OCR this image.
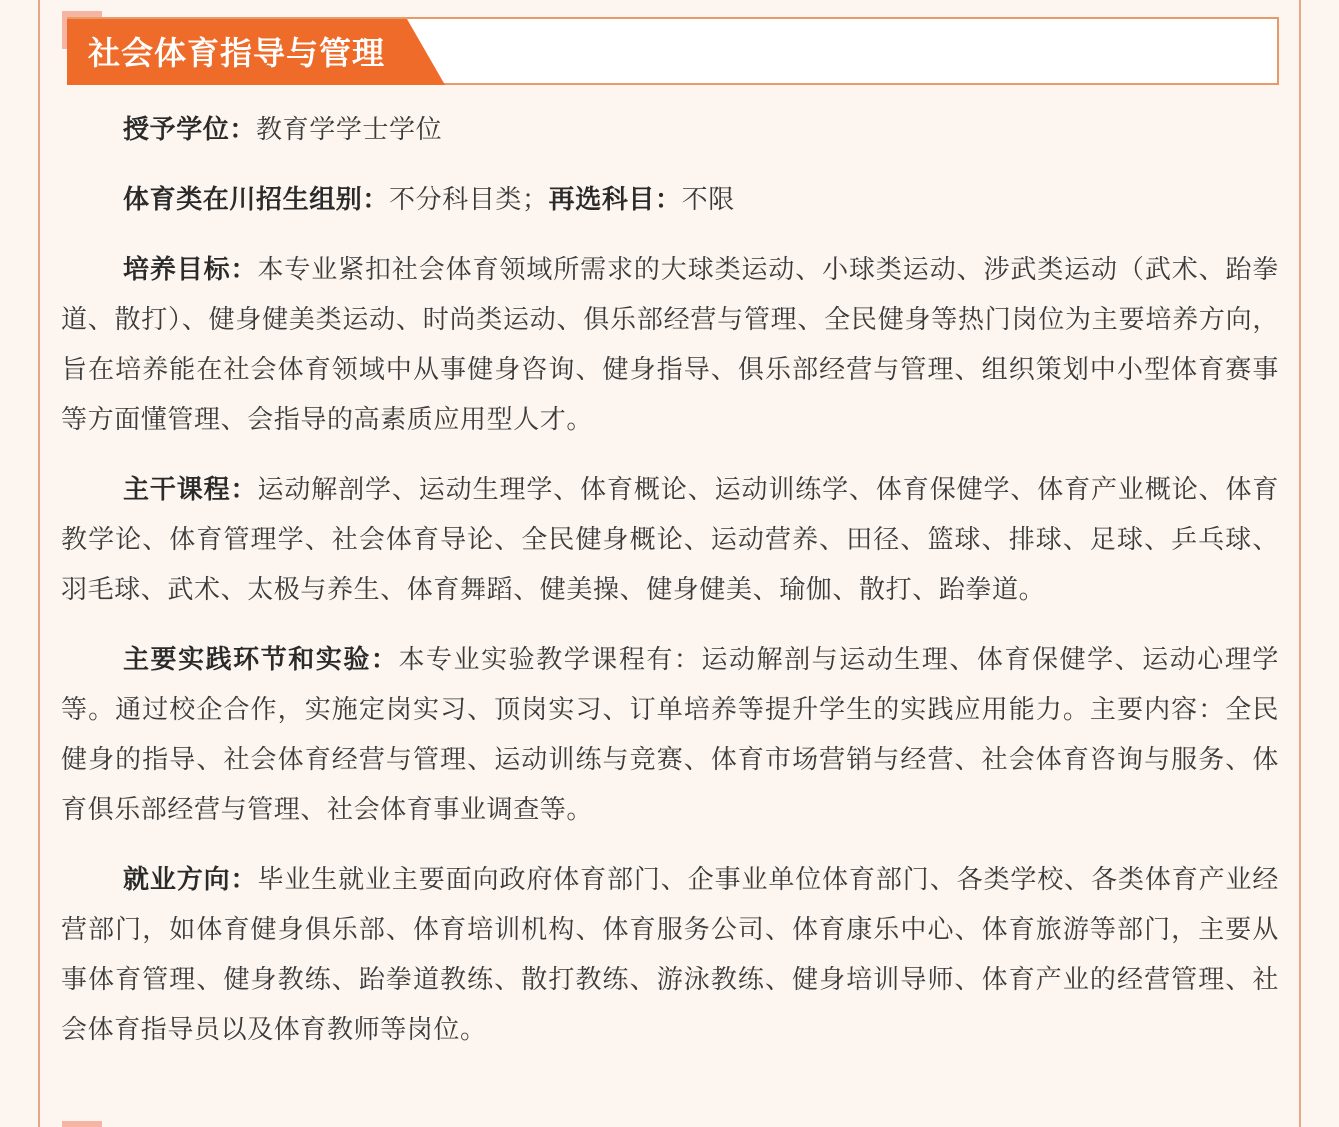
社会体育指导与管理

授予学位：教育学学士学位

体育类在川招生组别：不分科目类；再选科目：不限

培养目标：本专业紧扣社会体育领域所需求的大球类运动、小球类运动、涉武类运动（武术、跆拳道、散打）、健身健美类运动、时尚类运动、俱乐部经营与管理、全民健身等热门岗位为主要培养方向，旨在培养能在社会体育领域中从事健身咨询、健身指导、俱乐部经营与管理、组织策划中小型体育赛事等方面懂管理、会指导的高素质应用型人才。

主干课程：运动解剖学、运动生理学、体育概论、运动训练学、体育保健学、体育产业概论、体育教学论、体育管理学、社会体育导论、全民健身概论、运动营养、田径、篮球、排球、足球、乒乓球、羽毛球、武术、太极与养生、体育舞蹈、健美操、健身健美、瑜伽、散打、跆拳道。

主要实践环节和实验：本专业实验教学课程有：运动解剖与运动生理、体育保健学、运动心理学等。通过校企合作，实施定岗实习、顶岗实习、订单培养等提升学生的实践应用能力。主要内容：全民健身的指导、社会体育经营与管理、运动训练与竞赛、体育市场营销与经营、社会体育咨询与服务、体育俱乐部经营与管理、社会体育事业调查等。

就业方向：毕业生就业主要面向政府体育部门、企事业单位体育部门、各类学校、各类体育产业经营部门，如体育健身俱乐部、体育培训机构、体育服务公司、体育康乐中心、体育旅游等部门，主要从事体育管理、健身教练、跆拳道教练、散打教练、游泳教练、健身培训导师、体育产业的经营管理、社会体育指导员以及体育教师等岗位。
